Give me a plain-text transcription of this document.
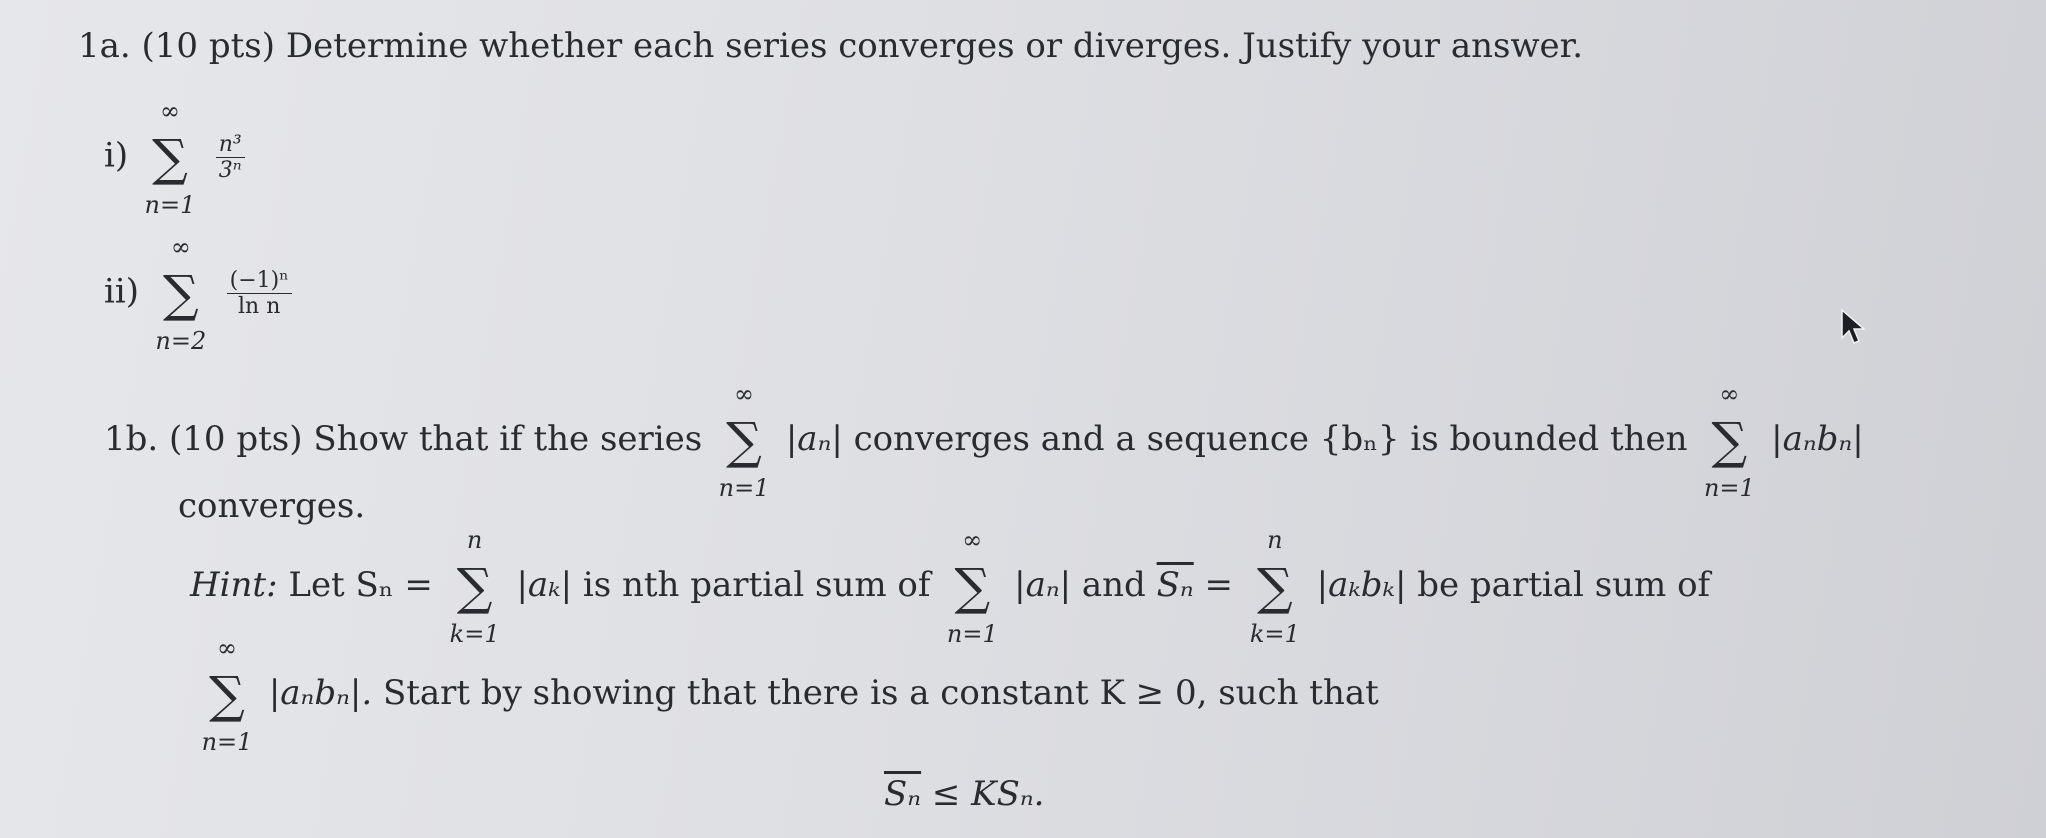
1a. (10 pts) Determine whether each series converges or diverges. Justify your answer.
i)
∞
∑
n=1

$\frac{\text{n³}}{\text{3ⁿ}}$
ii)
∞
∑
n=2

$\frac{\text{(−1)ⁿ}}{\text{ln n}}$
1b. (10 pts) Show that if the series
∞
∑
n=1
|aₙ| converges and a sequence {bₙ} is bounded then
∞
∑
n=1
|aₙbₙ|
converges.
Hint: Let Sₙ =
n
∑
k=1
|aₖ| is nth partial sum of
∞
∑
n=1
|aₙ| and $\overline{S_n}$ =
n
∑
k=1
|aₖbₖ| be partial sum of
∞
∑
n=1
|aₙbₙ|. Start by showing that there is a constant K ≥ 0, such that
$\overline{S_n} \le KS_n$.
